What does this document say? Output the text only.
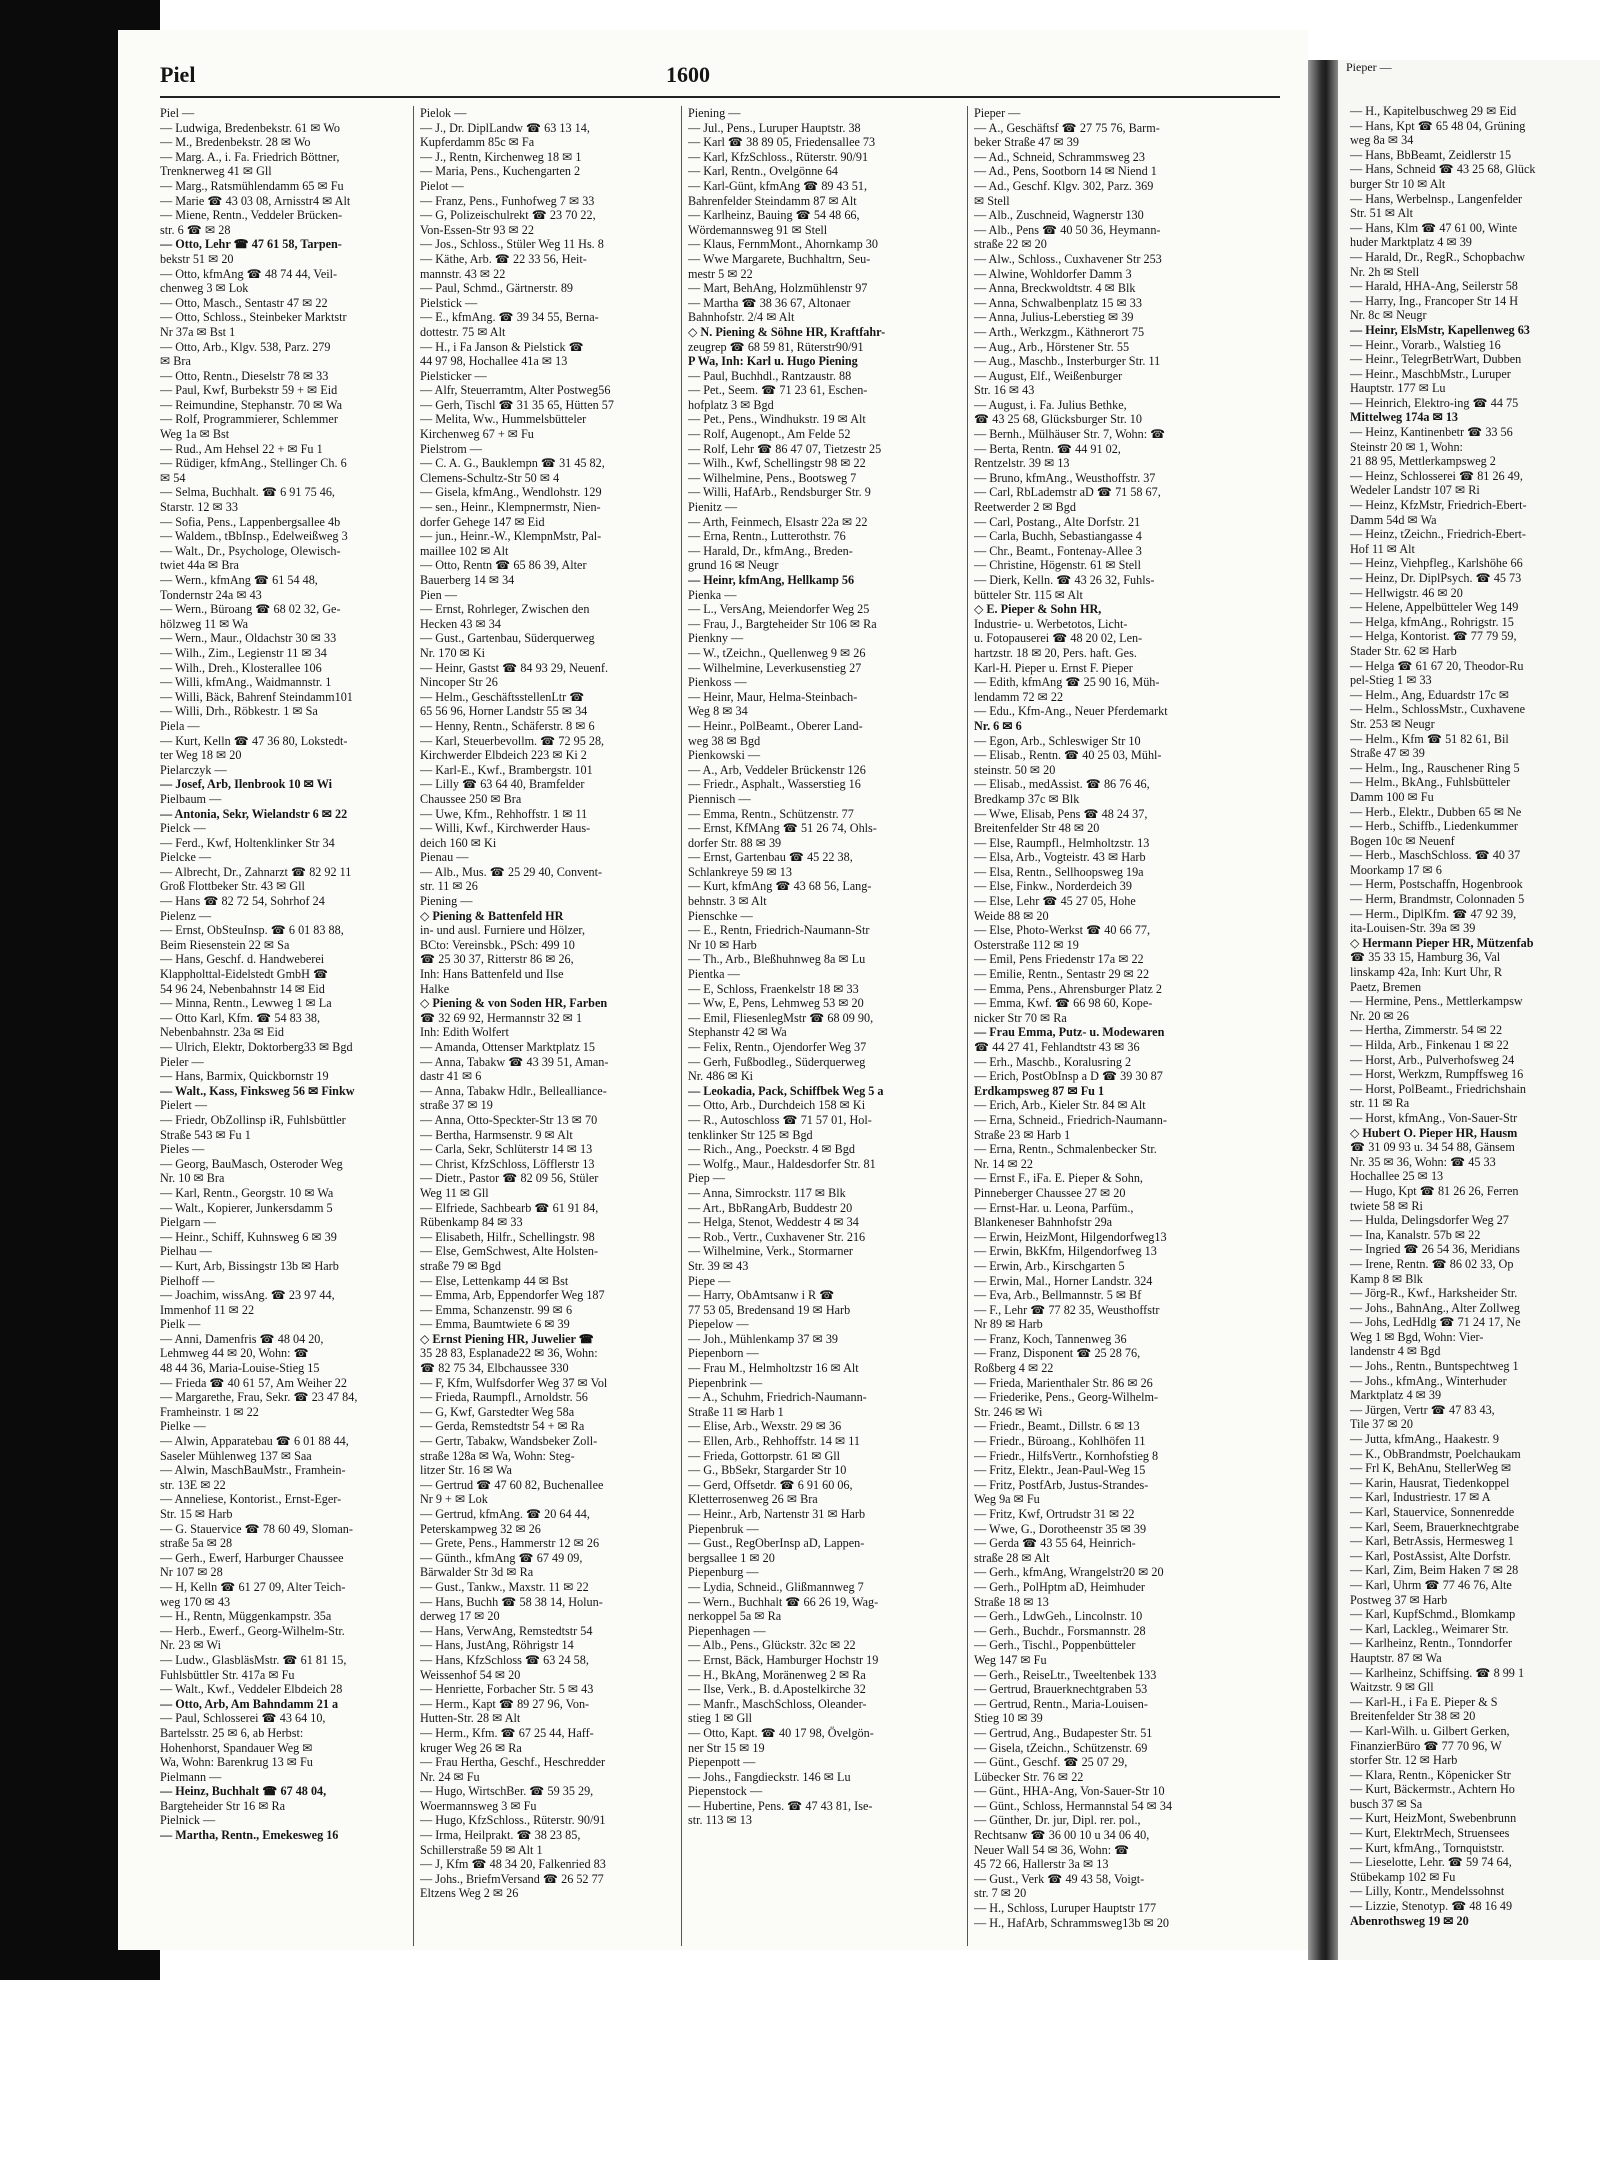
Piel	1600
Piel —
— Ludwiga, Bredenbekstr. 61 ✉ Wo
— M., Bredenbekstr. 28 ✉ Wo
— Marg. A., i. Fa. Friedrich Böttner,
Trenknerweg 41 ✉ Gll
— Marg., Ratsmühlendamm 65 ✉ Fu
— Marie ☎ 43 03 08, Arnisstr4 ✉ Alt
— Miene, Rentn., Veddeler Brücken-
str. 6 ☎ ✉ 28
— Otto, Lehr ☎ 47 61 58, Tarpen-
bekstr 51 ✉ 20
— Otto, kfmAng ☎ 48 74 44, Veil-
chenweg 3 ✉ Lok
— Otto, Masch., Sentastr 47 ✉ 22
— Otto, Schloss., Steinbeker Marktstr
Nr 37a ✉ Bst 1
— Otto, Arb., Klgv. 538, Parz. 279
✉ Bra
— Otto, Rentn., Dieselstr 78 ✉ 33
— Paul, Kwf, Burbekstr 59 + ✉ Eid
— Reimundine, Stephanstr. 70 ✉ Wa
— Rolf, Programmierer, Schlemmer
Weg 1a ✉ Bst
— Rud., Am Hehsel 22 + ✉ Fu 1
— Rüdiger, kfmAng., Stellinger Ch. 6
✉ 54
— Selma, Buchhalt. ☎ 6 91 75 46,
Starstr. 12 ✉ 33
— Sofia, Pens., Lappenbergsallee 4b
— Waldem., tBbInsp., Edelweißweg 3
— Walt., Dr., Psychologe, Olewisch-
twiet 44a ✉ Bra
— Wern., kfmAng ☎ 61 54 48,
Tondernstr 24a ✉ 43
— Wern., Büroang ☎ 68 02 32, Ge-
hölzweg 11 ✉ Wa
— Wern., Maur., Oldachstr 30 ✉ 33
— Wilh., Zim., Legienstr 11 ✉ 34
— Wilh., Dreh., Klosterallee 106
— Willi, kfmAng., Waidmannstr. 1
— Willi, Bäck, Bahrenf Steindamm101
— Willi, Drh., Röbkestr. 1 ✉ Sa
Piela —
— Kurt, Kelln ☎ 47 36 80, Lokstedt-
ter Weg 18 ✉ 20
Pielarczyk —
— Josef, Arb, Ilenbrook 10 ✉ Wi
Pielbaum —
— Antonia, Sekr, Wielandstr 6 ✉ 22
Pielck —
— Ferd., Kwf, Holtenklinker Str 34
Pielcke —
— Albrecht, Dr., Zahnarzt ☎ 82 92 11
Groß Flottbeker Str. 43 ✉ Gll
— Hans ☎ 82 72 54, Sohrhof 24
Pielenz —
— Ernst, ObSteuInsp. ☎ 6 01 83 88,
Beim Riesenstein 22 ✉ Sa
— Hans, Geschf. d. Handweberei
Klappholttal-Eidelstedt GmbH ☎
54 96 24, Nebenbahnstr 14 ✉ Eid
— Minna, Rentn., Lewweg 1 ✉ La
— Otto Karl, Kfm. ☎ 54 83 38,
Nebenbahnstr. 23a ✉ Eid
— Ulrich, Elektr, Doktorberg33 ✉ Bgd
Pieler —
— Hans, Barmix, Quickbornstr 19
— Walt., Kass, Finksweg 56 ✉ Finkw
Pielert —
— Friedr, ObZollinsp iR, Fuhlsbüttler
Straße 543 ✉ Fu 1
Pieles —
— Georg, BauMasch, Osteroder Weg
Nr. 10 ✉ Bra
— Karl, Rentn., Georgstr. 10 ✉ Wa
— Walt., Kopierer, Junkersdamm 5
Pielgarn —
— Heinr., Schiff, Kuhnsweg 6 ✉ 39
Pielhau —
— Kurt, Arb, Bissingstr 13b ✉ Harb
Pielhoff —
— Joachim, wissAng. ☎ 23 97 44,
Immenhof 11 ✉ 22
Pielk —
— Anni, Damenfris ☎ 48 04 20,
Lehmweg 44 ✉ 20, Wohn: ☎
48 44 36, Maria-Louise-Stieg 15
— Frieda ☎ 40 61 57, Am Weiher 22
— Margarethe, Frau, Sekr. ☎ 23 47 84,
Framheinstr. 1 ✉ 22
Pielke —
— Alwin, Apparatebau ☎ 6 01 88 44,
Saseler Mühlenweg 137 ✉ Saa
— Alwin, MaschBauMstr., Framhein-
str. 13E ✉ 22
— Anneliese, Kontorist., Ernst-Eger-
Str. 15 ✉ Harb
— G. Stauervice ☎ 78 60 49, Sloman-
straße 5a ✉ 28
— Gerh., Ewerf, Harburger Chaussee
Nr 107 ✉ 28
— H, Kelln ☎ 61 27 09, Alter Teich-
weg 170 ✉ 43
— H., Rentn, Müggenkampstr. 35a
— Herb., Ewerf., Georg-Wilhelm-Str.
Nr. 23 ✉ Wi
— Ludw., GlasbläsMstr. ☎ 61 81 15,
Fuhlsbüttler Str. 417a ✉ Fu
— Walt., Kwf., Veddeler Elbdeich 28
— Otto, Arb, Am Bahndamm 21 a
— Paul, Schlosserei ☎ 43 64 10,
Bartelsstr. 25 ✉ 6, ab Herbst:
Hohenhorst, Spandauer Weg ✉
Wa, Wohn: Barenkrug 13 ✉ Fu
Pielmann —
— Heinz, Buchhalt ☎ 67 48 04,
Bargteheider Str 16 ✉ Ra
Pielnick —
— Martha, Rentn., Emekesweg 16
Pielok —
— J., Dr. DiplLandw ☎ 63 13 14,
Kupferdamm 85c ✉ Fa
— J., Rentn, Kirchenweg 18 ✉ 1
— Maria, Pens., Kuchengarten 2
Pielot —
— Franz, Pens., Funhofweg 7 ✉ 33
— G, Polizeischulrekt ☎ 23 70 22,
Von-Essen-Str 93 ✉ 22
— Jos., Schloss., Stüler Weg 11 Hs. 8
— Käthe, Arb. ☎ 22 33 56, Heit-
mannstr. 43 ✉ 22
— Paul, Schmd., Gärtnerstr. 89
Pielstick —
— E., kfmAng. ☎ 39 34 55, Berna-
dottestr. 75 ✉ Alt
— H., i Fa Janson & Pielstick ☎
44 97 98, Hochallee 41a ✉ 13
Pielsticker —
— Alfr, Steuerramtm, Alter Postweg56
— Gerh, Tischl ☎ 31 35 65, Hütten 57
— Melita, Ww., Hummelsbütteler
Kirchenweg 67 + ✉ Fu
Pielstrom —
— C. A. G., Bauklempn ☎ 31 45 82,
Clemens-Schultz-Str 50 ✉ 4
— Gisela, kfmAng., Wendlohstr. 129
— sen., Heinr., Klempnermstr, Nien-
dorfer Gehege 147 ✉ Eid
— jun., Heinr.-W., KlempnMstr, Pal-
maillee 102 ✉ Alt
— Otto, Rentn ☎ 65 86 39, Alter
Bauerberg 14 ✉ 34
Pien —
— Ernst, Rohrleger, Zwischen den
Hecken 43 ✉ 34
— Gust., Gartenbau, Süderquerweg
Nr. 170 ✉ Ki
— Heinr, Gastst ☎ 84 93 29, Neuenf.
Nincoper Str 26
— Helm., GeschäftsstellenLtr ☎
65 56 96, Horner Landstr 55 ✉ 34
— Henny, Rentn., Schäferstr. 8 ✉ 6
— Karl, Steuerbevollm. ☎ 72 95 28,
Kirchwerder Elbdeich 223 ✉ Ki 2
— Karl-E., Kwf., Brambergstr. 101
— Lilly ☎ 63 64 40, Bramfelder
Chaussee 250 ✉ Bra
— Uwe, Kfm., Rehhoffstr. 1 ✉ 11
— Willi, Kwf., Kirchwerder Haus-
deich 160 ✉ Ki
Pienau —
— Alb., Mus. ☎ 25 29 40, Convent-
str. 11 ✉ 26
Piening —
◇ Piening & Battenfeld HR
in- und ausl. Furniere und Hölzer,
BCto: Vereinsbk., PSch: 499 10
☎ 25 30 37, Ritterstr 86 ✉ 26,
Inh: Hans Battenfeld und Ilse
Halke
◇ Piening & von Soden HR, Farben
☎ 32 69 92, Hermannstr 32 ✉ 1
Inh: Edith Wolfert
— Amanda, Ottenser Marktplatz 15
— Anna, Tabakw ☎ 43 39 51, Aman-
dastr 41 ✉ 6
— Anna, Tabakw Hdlr., Bellealliance-
straße 37 ✉ 19
— Anna, Otto-Speckter-Str 13 ✉ 70
— Bertha, Harmsenstr. 9 ✉ Alt
— Carla, Sekr, Schlüterstr 14 ✉ 13
— Christ, KfzSchloss, Löfflerstr 13
— Dietr., Pastor ☎ 82 09 56, Stüler
Weg 11 ✉ Gll
— Elfriede, Sachbearb ☎ 61 91 84,
Rübenkamp 84 ✉ 33
— Elisabeth, Hilfr., Schellingstr. 98
— Else, GemSchwest, Alte Holsten-
straße 79 ✉ Bgd
— Else, Lettenkamp 44 ✉ Bst
— Emma, Arb, Eppendorfer Weg 187
— Emma, Schanzenstr. 99 ✉ 6
— Emma, Baumtwiete 6 ✉ 39
◇ Ernst Piening HR, Juwelier ☎
35 28 83, Esplanade22 ✉ 36, Wohn:
☎ 82 75 34, Elbchaussee 330
— F, Kfm, Wulfsdorfer Weg 37 ✉ Vol
— Frieda, Raumpfl., Arnoldstr. 56
— G, Kwf, Garstedter Weg 58a
— Gerda, Remstedtstr 54 + ✉ Ra
— Gertr, Tabakw, Wandsbeker Zoll-
straße 128a ✉ Wa, Wohn: Steg-
litzer Str. 16 ✉ Wa
— Gertrud ☎ 47 60 82, Buchenallee
Nr 9 + ✉ Lok
— Gertrud, kfmAng. ☎ 20 64 44,
Peterskampweg 32 ✉ 26
— Grete, Pens., Hammerstr 12 ✉ 26
— Günth., kfmAng ☎ 67 49 09,
Bärwalder Str 3d ✉ Ra
— Gust., Tankw., Maxstr. 11 ✉ 22
— Hans, Buchh ☎ 58 38 14, Holun-
derweg 17 ✉ 20
— Hans, VerwAng, Remstedtstr 54
— Hans, JustAng, Röhrigstr 14
— Hans, KfzSchloss ☎ 63 24 58,
Weissenhof 54 ✉ 20
— Henriette, Forbacher Str. 5 ✉ 43
— Herm., Kapt ☎ 89 27 96, Von-
Hutten-Str. 28 ✉ Alt
— Herm., Kfm. ☎ 67 25 44, Haff-
kruger Weg 26 ✉ Ra
— Frau Hertha, Geschf., Heschredder
Nr. 24 ✉ Fu
— Hugo, WirtschBer. ☎ 59 35 29,
Woermannsweg 3 ✉ Fu
— Hugo, KfzSchloss., Rüterstr. 90/91
— Irma, Heilprakt. ☎ 38 23 85,
Schillerstraße 59 ✉ Alt 1
— J, Kfm ☎ 48 34 20, Falkenried 83
— Johs., BriefmVersand ☎ 26 52 77
Eltzens Weg 2 ✉ 26
Piening —
— Jul., Pens., Luruper Hauptstr. 38
— Karl ☎ 38 89 05, Friedensallee 73
— Karl, KfzSchloss., Rüterstr. 90/91
— Karl, Rentn., Ovelgönne 64
— Karl-Günt, kfmAng ☎ 89 43 51,
Bahrenfelder Steindamm 87 ✉ Alt
— Karlheinz, Bauing ☎ 54 48 66,
Wördemannsweg 91 ✉ Stell
— Klaus, FernmMont., Ahornkamp 30
— Wwe Margarete, Buchhaltrn, Seu-
mestr 5 ✉ 22
— Mart, BehAng, Holzmühlenstr 97
— Martha ☎ 38 36 67, Altonaer
Bahnhofstr. 2/4 ✉ Alt
◇ N. Piening & Söhne HR, Kraftfahr-
zeugrep ☎ 68 59 81, Rüterstr90/91
P Wa, Inh: Karl u. Hugo Piening
— Paul, Buchhdl., Rantzaustr. 88
— Pet., Seem. ☎ 71 23 61, Eschen-
hofplatz 3 ✉ Bgd
— Pet., Pens., Windhukstr. 19 ✉ Alt
— Rolf, Augenopt., Am Felde 52
— Rolf, Lehr ☎ 86 47 07, Tietzestr 25
— Wilh., Kwf, Schellingstr 98 ✉ 22
— Wilhelmine, Pens., Bootsweg 7
— Willi, HafArb., Rendsburger Str. 9
Pienitz —
— Arth, Feinmech, Elsastr 22a ✉ 22
— Erna, Rentn., Lutterothstr. 76
— Harald, Dr., kfmAng., Breden-
grund 16 ✉ Neugr
— Heinr, kfmAng, Hellkamp 56
Pienka —
— L., VersAng, Meiendorfer Weg 25
— Frau, J., Bargteheider Str 106 ✉ Ra
Pienkny —
— W., tZeichn., Quellenweg 9 ✉ 26
— Wilhelmine, Leverkusenstieg 27
Pienkoss —
— Heinr, Maur, Helma-Steinbach-
Weg 8 ✉ 34
— Heinr., PolBeamt., Oberer Land-
weg 38 ✉ Bgd
Pienkowski —
— A., Arb, Veddeler Brückenstr 126
— Friedr., Asphalt., Wasserstieg 16
Piennisch —
— Emma, Rentn., Schützenstr. 77
— Ernst, KfMAng ☎ 51 26 74, Ohls-
dorfer Str. 88 ✉ 39
— Ernst, Gartenbau ☎ 45 22 38,
Schlankreye 59 ✉ 13
— Kurt, kfmAng ☎ 43 68 56, Lang-
behnstr. 3 ✉ Alt
Pienschke —
— E., Rentn, Friedrich-Naumann-Str
Nr 10 ✉ Harb
— Th., Arb., Bleßhuhnweg 8a ✉ Lu
Pientka —
— E, Schloss, Fraenkelstr 18 ✉ 33
— Ww, E, Pens, Lehmweg 53 ✉ 20
— Emil, FliesenlegMstr ☎ 68 09 90,
Stephanstr 42 ✉ Wa
— Felix, Rentn., Ojendorfer Weg 37
— Gerh, Fußbodleg., Süderquerweg
Nr. 486 ✉ Ki
— Leokadia, Pack, Schiffbek Weg 5 a
— Otto, Arb., Durchdeich 158 ✉ Ki
— R., Autoschloss ☎ 71 57 01, Hol-
tenklinker Str 125 ✉ Bgd
— Rich., Ang., Poeckstr. 4 ✉ Bgd
— Wolfg., Maur., Haldesdorfer Str. 81
Piep —
— Anna, Simrockstr. 117 ✉ Blk
— Art., BbRangArb, Buddestr 20
— Helga, Stenot, Weddestr 4 ✉ 34
— Rob., Vertr., Cuxhavener Str. 216
— Wilhelmine, Verk., Stormarner
Str. 39 ✉ 43
Piepe —
— Harry, ObAmtsanw i R ☎
77 53 05, Bredensand 19 ✉ Harb
Piepelow —
— Joh., Mühlenkamp 37 ✉ 39
Piepenborn —
— Frau M., Helmholtzstr 16 ✉ Alt
Piepenbrink —
— A., Schuhm, Friedrich-Naumann-
Straße 11 ✉ Harb 1
— Elise, Arb., Wexstr. 29 ✉ 36
— Ellen, Arb., Rehhoffstr. 14 ✉ 11
— Frieda, Gottorpstr. 61 ✉ Gll
— G., BbSekr, Stargarder Str 10
— Gerd, Offsetdr. ☎ 6 91 60 06,
Kletterrosenweg 26 ✉ Bra
— Heinr., Arb, Nartenstr 31 ✉ Harb
Piepenbruk —
— Gust., RegOberInsp aD, Lappen-
bergsallee 1 ✉ 20
Piepenburg —
— Lydia, Schneid., Glißmannweg 7
— Wern., Buchhalt ☎ 66 26 19, Wag-
nerkoppel 5a ✉ Ra
Piepenhagen —
— Alb., Pens., Glückstr. 32c ✉ 22
— Ernst, Bäck, Hamburger Hochstr 19
— H., BkAng, Moränenweg 2 ✉ Ra
— Ilse, Verk., B. d.Apostelkirche 32
— Manfr., MaschSchloss, Oleander-
stieg 1 ✉ Gll
— Otto, Kapt. ☎ 40 17 98, Övelgön-
ner Str 15 ✉ 19
Piepenpott —
— Johs., Fangdieckstr. 146 ✉ Lu
Piepenstock —
— Hubertine, Pens. ☎ 47 43 81, Ise-
str. 113 ✉ 13
Pieper —
— A., Geschäftsf ☎ 27 75 76, Barm-
beker Straße 47 ✉ 39
— Ad., Schneid, Schrammsweg 23
— Ad., Pens, Sootborn 14 ✉ Niend 1
— Ad., Geschf. Klgv. 302, Parz. 369
✉ Stell
— Alb., Zuschneid, Wagnerstr 130
— Alb., Pens ☎ 40 50 36, Heymann-
straße 22 ✉ 20
— Alw., Schloss., Cuxhavener Str 253
— Alwine, Wohldorfer Damm 3
— Anna, Breckwoldtstr. 4 ✉ Blk
— Anna, Schwalbenplatz 15 ✉ 33
— Anna, Julius-Leberstieg ✉ 39
— Arth., Werkzgm., Käthnerort 75
— Aug., Arb., Hörstener Str. 55
— Aug., Maschb., Insterburger Str. 11
— August, Elf., Weißenburger
Str. 16 ✉ 43
— August, i. Fa. Julius Bethke,
☎ 43 25 68, Glücksburger Str. 10
— Bernh., Mülhäuser Str. 7, Wohn: ☎
— Berta, Rentn. ☎ 44 91 02,
Rentzelstr. 39 ✉ 13
— Bruno, kfmAng., Weusthoffstr. 37
— Carl, RbLademstr aD ☎ 71 58 67,
Reetwerder 2 ✉ Bgd
— Carl, Postang., Alte Dorfstr. 21
— Carla, Buchh, Sebastiangasse 4
— Chr., Beamt., Fontenay-Allee 3
— Christine, Högenstr. 61 ✉ Stell
— Dierk, Kelln. ☎ 43 26 32, Fuhls-
bütteler Str. 115 ✉ Alt
◇ E. Pieper & Sohn HR,
Industrie- u. Werbetotos, Licht-
u. Fotopauserei ☎ 48 20 02, Len-
hartzstr. 18 ✉ 20, Pers. haft. Ges.
Karl-H. Pieper u. Ernst F. Pieper
— Edith, kfmAng ☎ 25 90 16, Müh-
lendamm 72 ✉ 22
— Edu., Kfm-Ang., Neuer Pferdemarkt
Nr. 6 ✉ 6
— Egon, Arb., Schleswiger Str 10
— Elisab., Rentn. ☎ 40 25 03, Mühl-
steinstr. 50 ✉ 20
— Elisab., medAssist. ☎ 86 76 46,
Bredkamp 37c ✉ Blk
— Wwe, Elisab, Pens ☎ 48 24 37,
Breitenfelder Str 48 ✉ 20
— Else, Raumpfl., Helmholtzstr. 13
— Elsa, Arb., Vogteistr. 43 ✉ Harb
— Elsa, Rentn., Sellhoopsweg 19a
— Else, Finkw., Norderdeich 39
— Else, Lehr ☎ 45 27 05, Hohe
Weide 88 ✉ 20
— Else, Photo-Werkst ☎ 40 66 77,
Osterstraße 112 ✉ 19
— Emil, Pens Friedenstr 17a ✉ 22
— Emilie, Rentn., Sentastr 29 ✉ 22
— Emma, Pens., Ahrensburger Platz 2
— Emma, Kwf. ☎ 66 98 60, Kope-
nicker Str 70 ✉ Ra
— Frau Emma, Putz- u. Modewaren
☎ 44 27 41, Fehlandtstr 43 ✉ 36
— Erh., Maschb., Koralusring 2
— Erich, PostObInsp a D ☎ 39 30 87
Erdkampsweg 87 ✉ Fu 1
— Erich, Arb., Kieler Str. 84 ✉ Alt
— Erna, Schneid., Friedrich-Naumann-
Straße 23 ✉ Harb 1
— Erna, Rentn., Schmalenbecker Str.
Nr. 14 ✉ 22
— Ernst F., iFa. E. Pieper & Sohn,
Pinneberger Chaussee 27 ✉ 20
— Ernst-Har. u. Leona, Parfüm.,
Blankeneser Bahnhofstr 29a
— Erwin, HeizMont, Hilgendorfweg13
— Erwin, BkKfm, Hilgendorfweg 13
— Erwin, Arb., Kirschgarten 5
— Erwin, Mal., Horner Landstr. 324
— Eva, Arb., Bellmannstr. 5 ✉ Bf
— F., Lehr ☎ 77 82 35, Weusthoffstr
Nr 89 ✉ Harb
— Franz, Koch, Tannenweg 36
— Franz, Disponent ☎ 25 28 76,
Roßberg 4 ✉ 22
— Frieda, Marienthaler Str. 86 ✉ 26
— Friederike, Pens., Georg-Wilhelm-
Str. 246 ✉ Wi
— Friedr., Beamt., Dillstr. 6 ✉ 13
— Friedr., Büroang., Kohlhöfen 11
— Friedr., HilfsVertr., Kornhofstieg 8
— Fritz, Elektr., Jean-Paul-Weg 15
— Fritz, PostfArb, Justus-Strandes-
Weg 9a ✉ Fu
— Fritz, Kwf, Ortrudstr 31 ✉ 22
— Wwe, G., Dorotheenstr 35 ✉ 39
— Gerda ☎ 43 55 64, Heinrich-
straße 28 ✉ Alt
— Gerh., kfmAng, Wrangelstr20 ✉ 20
— Gerh., PolHptm aD, Heimhuder
Straße 18 ✉ 13
— Gerh., LdwGeh., Lincolnstr. 10
— Gerh., Buchdr., Forsmannstr. 28
— Gerh., Tischl., Poppenbütteler
Weg 147 ✉ Fu
— Gerh., ReiseLtr., Tweeltenbek 133
— Gertrud, Brauerknechtgraben 53
— Gertrud, Rentn., Maria-Louisen-
Stieg 10 ✉ 39
— Gertrud, Ang., Budapester Str. 51
— Gisela, tZeichn., Schützenstr. 69
— Günt., Geschf. ☎ 25 07 29,
Lübecker Str. 76 ✉ 22
— Günt., HHA-Ang, Von-Sauer-Str 10
— Günt., Schloss, Hermannstal 54 ✉ 34
— Günther, Dr. jur, Dipl. rer. pol.,
Rechtsanw ☎ 36 00 10 u 34 06 40,
Neuer Wall 54 ✉ 36, Wohn: ☎
45 72 66, Hallerstr 3a ✉ 13
— Gust., Verk ☎ 49 43 58, Voigt-
str. 7 ✉ 20
— H., Schloss, Luruper Hauptstr 177
— H., HafArb, Schrammsweg13b ✉ 20
Pieper —
— H., Kapitelbuschweg 29 ✉ Eid
— Hans, Kpt ☎ 65 48 04, Grüning
weg 8a ✉ 34
— Hans, BbBeamt, Zeidlerstr 15
— Hans, Schneid ☎ 43 25 68, Glück
burger Str 10 ✉ Alt
— Hans, Werbelnsp., Langenfelder
Str. 51 ✉ Alt
— Hans, Klm ☎ 47 61 00, Winte
huder Marktplatz 4 ✉ 39
— Harald, Dr., RegR., Schopbachw
Nr. 2h ✉ Stell
— Harald, HHA-Ang, Seilerstr 58
— Harry, Ing., Francoper Str 14 H
Nr. 8c ✉ Neugr
— Heinr, ElsMstr, Kapellenweg 63
— Heinr., Vorarb., Walstieg 16
— Heinr., TelegrBetrWart, Dubben
— Heinr., MaschbMstr., Luruper
Hauptstr. 177 ✉ Lu
— Heinrich, Elektro-ing ☎ 44 75
Mittelweg 174a ✉ 13
— Heinz, Kantinenbetr ☎ 33 56
Steinstr 20 ✉ 1, Wohn:
21 88 95, Mettlerkampsweg 2
— Heinz, Schlosserei ☎ 81 26 49,
Wedeler Landstr 107 ✉ Ri
— Heinz, KfzMstr, Friedrich-Ebert-
Damm 54d ✉ Wa
— Heinz, tZeichn., Friedrich-Ebert-
Hof 11 ✉ Alt
— Heinz, Viehpfleg., Karlshöhe 66
— Heinz, Dr. DiplPsych. ☎ 45 73
— Hellwigstr. 46 ✉ 20
— Helene, Appelbütteler Weg 149
— Helga, kfmAng., Rohrigstr. 15
— Helga, Kontorist. ☎ 77 79 59,
Stader Str. 62 ✉ Harb
— Helga ☎ 61 67 20, Theodor-Ru
pel-Stieg 1 ✉ 33
— Helm., Ang, Eduardstr 17c ✉
— Helm., SchlossMstr., Cuxhavene
Str. 253 ✉ Neugr
— Helm., Kfm ☎ 51 82 61, Bil
Straße 47 ✉ 39
— Helm., Ing., Rauschener Ring 5
— Helm., BkAng., Fuhlsbütteler
Damm 100 ✉ Fu
— Herb., Elektr., Dubben 65 ✉ Ne
— Herb., Schiffb., Liedenkummer
Bogen 10c ✉ Neuenf
— Herb., MaschSchloss. ☎ 40 37
Moorkamp 17 ✉ 6
— Herm, Postschaffn, Hogenbrook
— Herm, Brandmstr, Colonnaden 5
— Herm., DiplKfm. ☎ 47 92 39,
ita-Louisen-Str. 39a ✉ 39
◇ Hermann Pieper HR, Mützenfab
☎ 35 33 15, Hamburg 36, Val
linskamp 42a, Inh: Kurt Uhr, R
Paetz, Bremen
— Hermine, Pens., Mettlerkampsw
Nr. 20 ✉ 26
— Hertha, Zimmerstr. 54 ✉ 22
— Hilda, Arb., Finkenau 1 ✉ 22
— Horst, Arb., Pulverhofsweg 24
— Horst, Werkzm, Rumpffsweg 16
— Horst, PolBeamt., Friedrichshain
str. 11 ✉ Ra
— Horst, kfmAng., Von-Sauer-Str
◇ Hubert O. Pieper HR, Hausm
☎ 31 09 93 u. 34 54 88, Gänsem
Nr. 35 ✉ 36, Wohn: ☎ 45 33
Hochallee 25 ✉ 13
— Hugo, Kpt ☎ 81 26 26, Ferren
twiete 58 ✉ Ri
— Hulda, Delingsdorfer Weg 27
— Ina, Kanalstr. 57b ✉ 22
— Ingried ☎ 26 54 36, Meridians
— Irene, Rentn. ☎ 86 02 33, Op
Kamp 8 ✉ Blk
— Jörg-R., Kwf., Harksheider Str.
— Johs., BahnAng., Alter Zollweg
— Johs, LedHdlg ☎ 71 24 17, Ne
Weg 1 ✉ Bgd, Wohn: Vier-
landenstr 4 ✉ Bgd
— Johs., Rentn., Buntspechtweg 1
— Johs., kfmAng., Winterhuder
Marktplatz 4 ✉ 39
— Jürgen, Vertr ☎ 47 83 43,
Tile 37 ✉ 20
— Jutta, kfmAng., Haakestr. 9
— K., ObBrandmstr, Poelchaukam
— Frl K, BehAnu, StellerWeg ✉
— Karin, Hausrat, Tiedenkoppel
— Karl, Industriestr. 17 ✉ A
— Karl, Stauervice, Sonnenredde
— Karl, Seem, Brauerknechtgrabe
— Karl, BetrAssis, Hermesweg 1
— Karl, PostAssist, Alte Dorfstr.
— Karl, Zim, Beim Haken 7 ✉ 28
— Karl, Uhrm ☎ 77 46 76, Alte
Postweg 37 ✉ Harb
— Karl, KupfSchmd., Blomkamp
— Karl, Lackleg., Weimarer Str.
— Karlheinz, Rentn., Tonndorfer
Hauptstr. 87 ✉ Wa
— Karlheinz, Schiffsing. ☎ 8 99 1
Waitzstr. 9 ✉ Gll
— Karl-H., i Fa E. Pieper & S
Breitenfelder Str 38 ✉ 20
— Karl-Wilh. u. Gilbert Gerken,
FinanzierBüro ☎ 77 70 96, W
storfer Str. 12 ✉ Harb
— Klara, Rentn., Köpenicker Str
— Kurt, Bäckermstr., Achtern Ho
busch 37 ✉ Sa
— Kurt, HeizMont, Swebenbrunn
— Kurt, ElektrMech, Struensees
— Kurt, kfmAng., Tornquiststr.
— Lieselotte, Lehr. ☎ 59 74 64,
Stübekamp 102 ✉ Fu
— Lilly, Kontr., Mendelssohnst
— Lizzie, Stenotyp. ☎ 48 16 49
Abenrothsweg 19 ✉ 20
